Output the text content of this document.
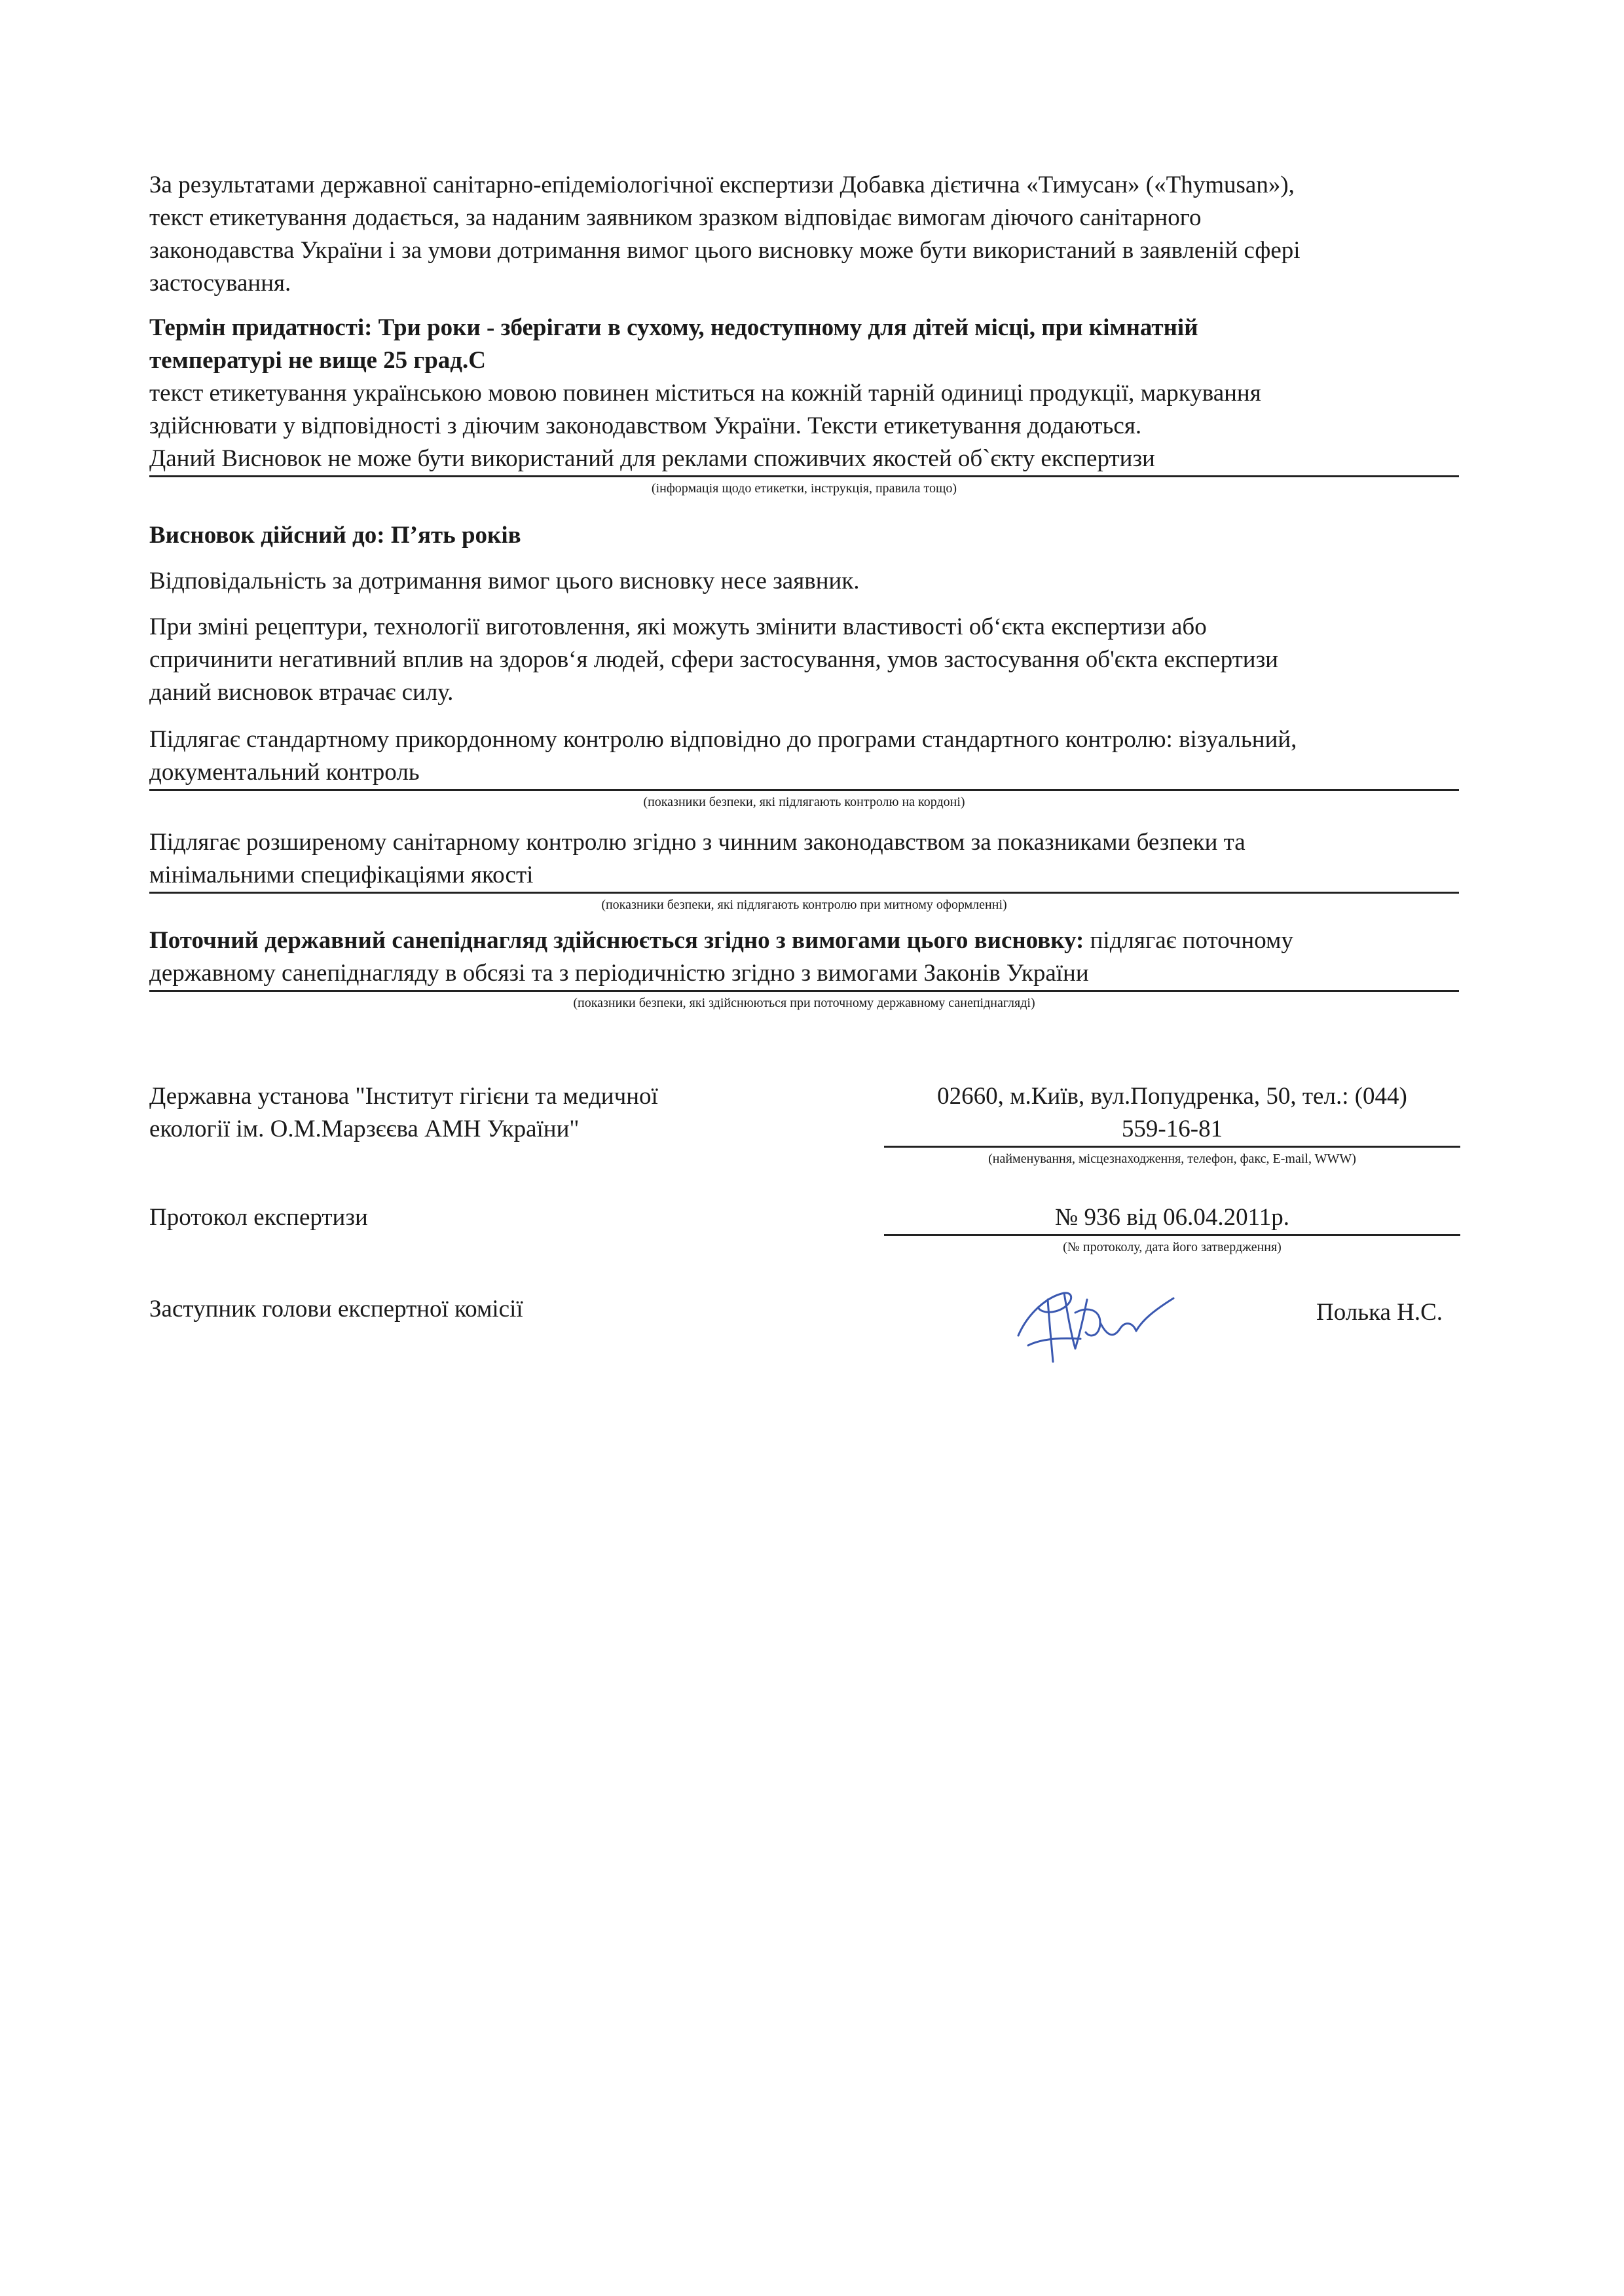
За результатами державної санітарно-епідеміологічної експертизи Добавка дієтична «Тимусан» («Thymusan»),

текст етикетування додається, за наданим заявником зразком відповідає вимогам діючого санітарного

законодавства України і за умови дотримання вимог цього висновку може бути використаний в заявленій сфері

застосування.

Термін придатності: Три роки - зберігати в сухому, недоступному для дітей місці, при кімнатній

температурі не вище 25 град.С

текст етикетування українською мовою повинен міститься на кожній тарній одиниці продукції, маркування

здійснювати у відповідності з діючим законодавством України. Тексти етикетування додаються.

Даний Висновок не може бути використаний для реклами споживчих якостей об`єкту експертизи

(інформація щодо етикетки, інструкція, правила тощо)

Висновок дійсний до: П’ять років

Відповідальність за дотримання вимог цього висновку несе заявник.

При зміні рецептури, технології виготовлення, які можуть змінити властивості об‘єкта експертизи або

спричинити негативний вплив на здоров‘я людей, сфери застосування, умов застосування об'єкта експертизи

даний висновок втрачає силу.

Підлягає стандартному прикордонному контролю відповідно до програми стандартного контролю: візуальний,

документальний контроль

(показники безпеки, які підлягають контролю на кордоні)

Підлягає розширеному санітарному контролю згідно з чинним законодавством за показниками безпеки та

мінімальними специфікаціями якості

(показники безпеки, які підлягають контролю при митному оформленні)

Поточний державний санепіднагляд здійснюється згідно з вимогами цього висновку: підлягає поточному

державному санепіднагляду в обсязі та з періодичністю згідно з вимогами Законів України

(показники безпеки, які здійснюються при поточному державному санепіднагляді)
Державна установа "Інститут гігієни та медичної
екології ім. О.М.Марзєєва АМН України"
02660, м.Київ, вул.Попудренка, 50, тел.: (044)
559-16-81
(найменування, місцезнаходження, телефон, факс, E-mail, WWW)
Протокол експертизи	№ 936 від 06.04.2011р.
(№ протоколу, дата його затвердження)
Заступник голови експертної комісії	Полька Н.С.
